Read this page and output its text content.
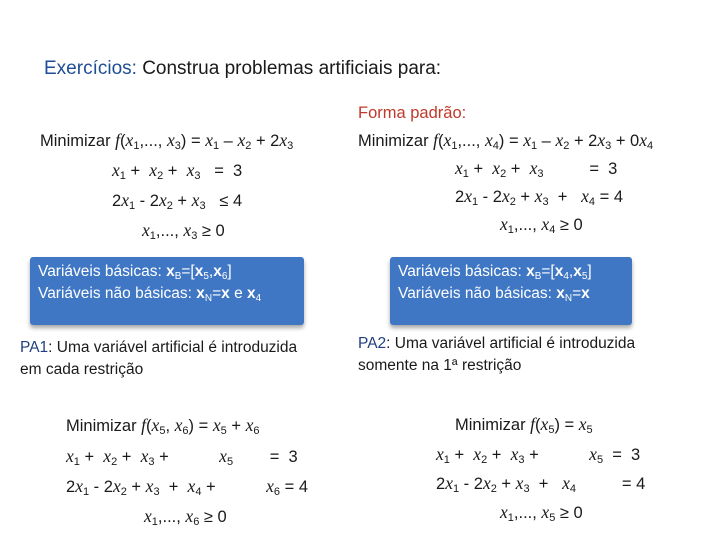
Exercícios: Construa problemas artificiais para:
Minimizar $f(x_1$,..., $x_3) = x_1 - x_2 + 2x_3$
$x_1 + x_2 + x_3 = 3$
$2x_1 - 2x_2 + x_3 \le 4$
$x_1$,..., $x_3 \ge 0$
Forma padrão:
Minimizar $f(x_1$,..., $x_4) = x_1 - x_2 + 2x_3 + 0x_4$
$x_1 + x_2 + x_3$          =  3
$2x_1 - 2x_2 + x_3 + x_4 = 4$
$x_1$,..., $x_4 \ge 0$
Variáveis básicas: $x_B=[x_5,x_6]$
Variáveis não básicas: $x_N=x$ e $x_4$
Variáveis básicas: $x_B=[x_4,x_5]$
Variáveis não básicas: $x_N=x$
PA1: Uma variável artificial é introduzida em cada restrição
PA2: Uma variável artificial é introduzida somente na 1ª restrição
Minimizar $f(x_5$, $x_6) = x_5 + x_6$
$x_1 + x_2 + x_3$ +           $x_5$        =  3
$2x_1 - 2x_2 + x_3 + x_4$ +           $x_6 = 4$
$x_1$,..., $x_6 \ge 0$
Minimizar $f(x_5) = x_5$
$x_1 + x_2 + x_3$ +           $x_5 = 3$
$2x_1 - 2x_2 + x_3 + x_4$          = 4
$x_1$,..., $x_5 \ge 0$
